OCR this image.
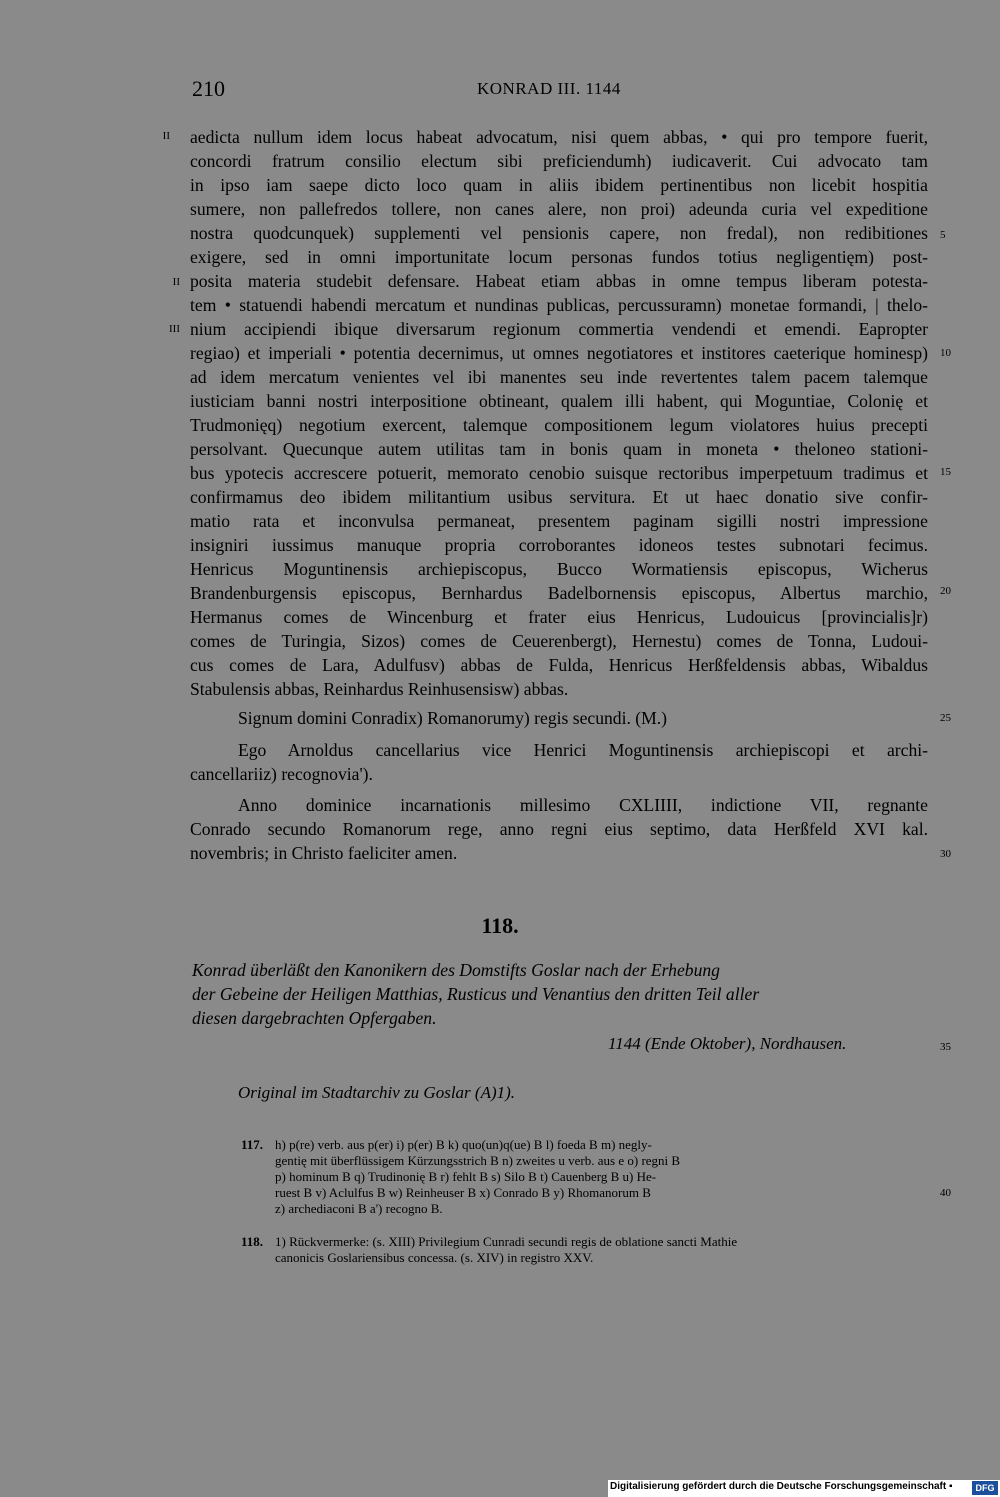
210	KONRAD III. 1144
II
II
III
aedicta nullum idem locus habeat advocatum, nisi quem abbas, • qui pro tempore fuerit,
concordi fratrum consilio electum sibi preficiendumh) iudicaverit. Cui advocato tam
in ipso iam saepe dicto loco quam in aliis ibidem pertinentibus non licebit hospitia
sumere, non pallefredos tollere, non canes alere, non proi) adeunda curia vel expeditione
nostra quodcunquek) supplementi vel pensionis capere, non fredal), non redibitiones
exigere, sed in omni importunitate locum personas fundos totius negligentięm) post-
posita materia studebit defensare. Habeat etiam abbas in omne tempus liberam potesta-
tem • statuendi habendi mercatum et nundinas publicas, percussuramn) monetae formandi, | thelo-
nium accipiendi ibique diversarum regionum commertia vendendi et emendi. Eapropter
regiao) et imperiali • potentia decernimus, ut omnes negotiatores et institores caeterique hominesp)
ad idem mercatum venientes vel ibi manentes seu inde revertentes talem pacem talemque
iusticiam banni nostri interpositione obtineant, qualem illi habent, qui Moguntiae, Colonię et
Trudmonięq) negotium exercent, talemque compositionem legum violatores huius precepti
persolvant. Quecunque autem utilitas tam in bonis quam in moneta • theloneo stationi-
bus ypotecis accrescere potuerit, memorato cenobio suisque rectoribus imperpetuum tradimus et
confirmamus deo ibidem militantium usibus servitura. Et ut haec donatio sive confir-
matio rata et inconvulsa permaneat, presentem paginam sigilli nostri impressione
insigniri iussimus manuque propria corroborantes idoneos testes subnotari fecimus.
Henricus Moguntinensis archiepiscopus, Bucco Wormatiensis episcopus, Wicherus
Brandenburgensis episcopus, Bernhardus Badelbornensis episcopus, Albertus marchio,
Hermanus comes de Wincenburg et frater eius Henricus, Ludouicus [provincialis]r)
comes de Turingia, Sizos) comes de Ceuerenbergt), Hernestu) comes de Tonna, Ludoui-
cus comes de Lara, Adulfusv) abbas de Fulda, Henricus Herßfeldensis abbas, Wibaldus
Stabulensis abbas, Reinhardus Reinhusensisw) abbas.
Signum domini Conradix) Romanorumy) regis secundi. (M.)
Ego Arnoldus cancellarius vice Henrici Moguntinensis archiepiscopi et archi-
cancellariiz) recognovia').
Anno dominice incarnationis millesimo CXLIIII, indictione VII, regnante
Conrado secundo Romanorum rege, anno regni eius septimo, data Herßfeld XVI kal.
novembris; in Christo faeliciter amen.
5
10
15
20
25
30
35
40
118.
Konrad überläßt den Kanonikern des Domstifts Goslar nach der Erhebung
der Gebeine der Heiligen Matthias, Rusticus und Venantius den dritten Teil aller
diesen dargebrachten Opfergaben.
1144 (Ende Oktober), Nordhausen.
Original im Stadtarchiv zu Goslar (A)1).
117. h) p(re) verb. aus p(er) i) p(er) B k) quo(un)q(ue) B l) foeda B m) negly-
gentię mit überflüssigem Kürzungsstrich B n) zweites u verb. aus e o) regni B
p) hominum B q) Trudinonię B r) fehlt B s) Silo B t) Cauenberg B u) He-
ruest B v) Aclulfus B w) Reinheuser B x) Conrado B y) Rhomanorum B
z) archediaconi B a') recogno B.
118. 1) Rückvermerke: (s. XIII) Privilegium Cunradi secundi regis de oblatione sancti Mathie
canonicis Goslariensibus concessa. (s. XIV) in registro XXV.
Digitalisierung gefördert durch die Deutsche Forschungsgemeinschaft ▪	DFG
